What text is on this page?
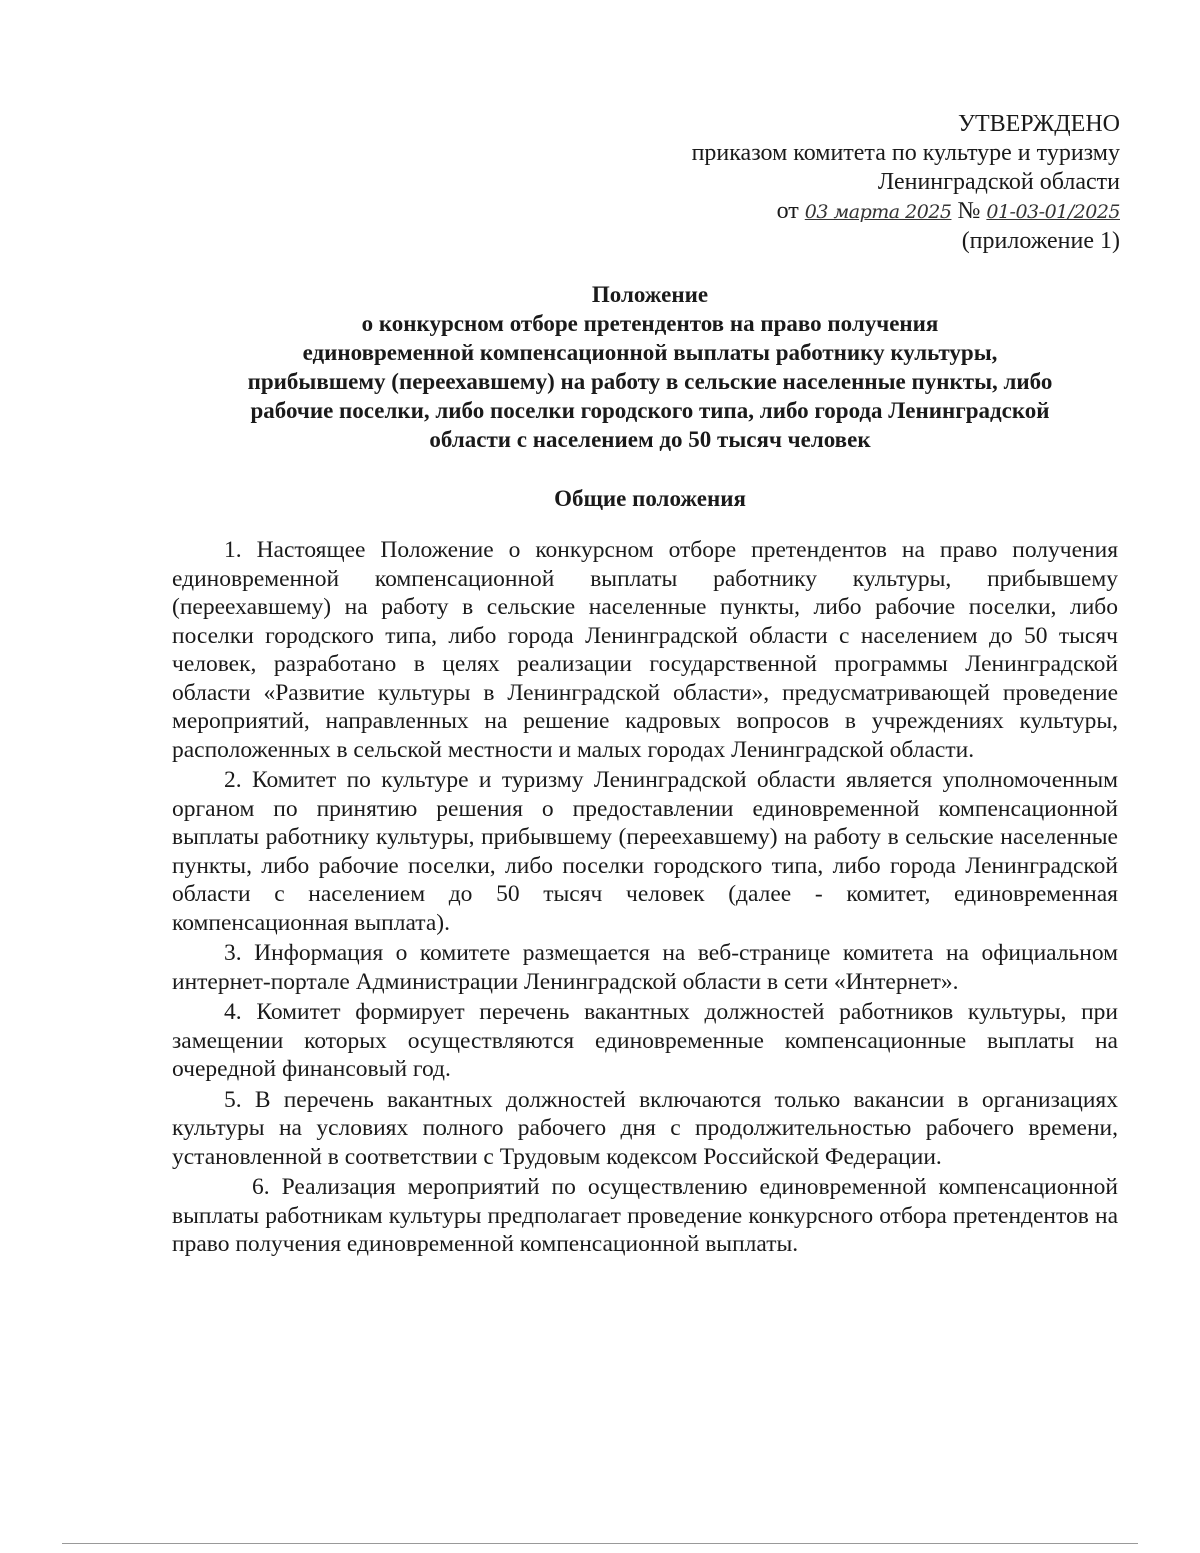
УТВЕРЖДЕНО
приказом комитета по культуре и туризму
Ленинградской области
от 03 марта 2025 № 01-03-01/2025
(приложение 1)
Положение
о конкурсном отборе претендентов на право получения
единовременной компенсационной выплаты работнику культуры,
прибывшему (переехавшему) на работу в сельские населенные пункты, либо
рабочие поселки, либо поселки городского типа, либо города Ленинградской
области с населением до 50 тысяч человек
Общие положения

1. Настоящее Положение о конкурсном отборе претендентов на право получения единовременной компенсационной выплаты работнику культуры, прибывшему (переехавшему) на работу в сельские населенные пункты, либо рабочие поселки, либо поселки городского типа, либо города Ленинградской области с населением до 50 тысяч человек, разработано в целях реализации государственной программы Ленинградской области «Развитие культуры в Ленинградской области», предусматривающей проведение мероприятий, направленных на решение кадровых вопросов в учреждениях культуры, расположенных в сельской местности и малых городах Ленинградской области.

2. Комитет по культуре и туризму Ленинградской области является уполномоченным органом по принятию решения о предоставлении единовременной компенсационной выплаты работнику культуры, прибывшему (переехавшему) на работу в сельские населенные пункты, либо рабочие поселки, либо поселки городского типа, либо города Ленинградской области с населением до 50 тысяч человек (далее - комитет, единовременная компенсационная выплата).

3. Информация о комитете размещается на веб-странице комитета на официальном интернет-портале Администрации Ленинградской области в сети «Интернет».

4. Комитет формирует перечень вакантных должностей работников культуры, при замещении которых осуществляются единовременные компенсационные выплаты на очередной финансовый год.

5. В перечень вакантных должностей включаются только вакансии в организациях культуры на условиях полного рабочего дня с продолжительностью рабочего времени, установленной в соответствии с Трудовым кодексом Российской Федерации.

6. Реализация мероприятий по осуществлению единовременной компенсационной выплаты работникам культуры предполагает проведение конкурсного отбора претендентов на право получения единовременной компенсационной выплаты.
